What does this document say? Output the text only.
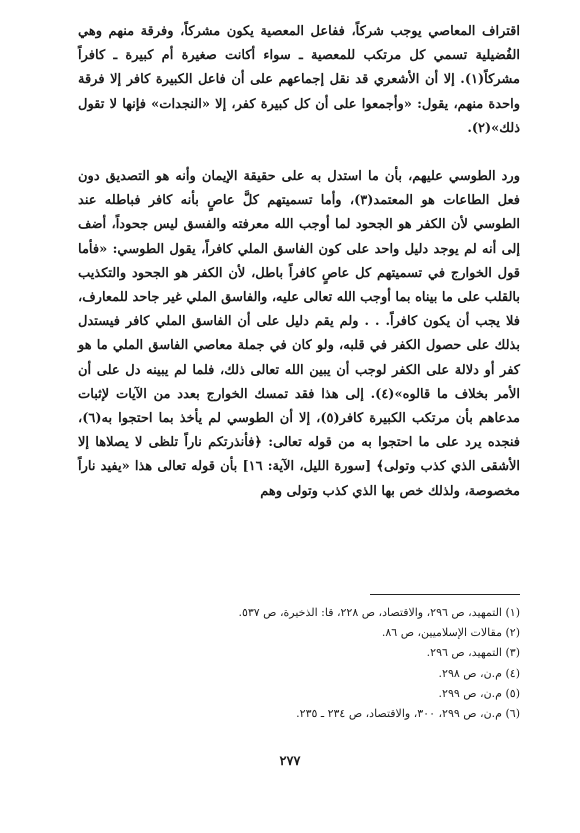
اقتراف المعاصي يوجب شركاً، ففاعل المعصية يكون مشركاً، وفرقة منهم وهي الفُضيلية تسمي كل مرتكب للمعصية ـ سواء أكانت صغيرة أم كبيرة ـ كافراً مشركاً(١). إلا أن الأشعري قد نقل إجماعهم على أن فاعل الكبيرة كافر إلا فرقة واحدة منهم، يقول: «وأجمعوا على أن كل كبيرة كفر، إلا «النجدات» فإنها لا تقول ذلك»(٢).

ورد الطوسي عليهم، بأن ما استدل به على حقيقة الإيمان وأنه هو التصديق دون فعل الطاعات هو المعتمد(٣)، وأما تسميتهم كلَّ عاصٍ بأنه كافر فباطله عند الطوسي لأن الكفر هو الجحود لما أوجب الله معرفته والفسق ليس جحوداً، أضف إلى أنه لم يوجد دليل واحد على كون الفاسق الملي كافراً، يقول الطوسي: «فأما قول الخوارج في تسميتهم كل عاصٍ كافراً باطل، لأن الكفر هو الجحود والتكذيب بالقلب على ما بيناه بما أوجب الله تعالى عليه، والفاسق الملي غير جاحد للمعارف، فلا يجب أن يكون كافراً. . . ولم يقم دليل على أن الفاسق الملي كافر فيستدل بذلك على حصول الكفر في قلبه، ولو كان في جملة معاصي الفاسق الملي ما هو كفر أو دلالة على الكفر لوجب أن يبين الله تعالى ذلك، فلما لم يبينه دل على أن الأمر بخلاف ما قالوه»(٤). إلى هذا فقد تمسك الخوارج بعدد من الآيات لإثبات مدعاهم بأن مرتكب الكبيرة كافر(٥)، إلا أن الطوسي لم يأخذ بما احتجوا به(٦)، فنجده يرد على ما احتجوا به من قوله تعالى: ﴿فأنذرتكم ناراً تلظى لا يصلاها إلا الأشقى الذي كذب وتولى﴾ [سورة الليل، الآية: ١٦] بأن قوله تعالى هذا «يفيد ناراً مخصوصة، ولذلك خص بها الذي كذب وتولى وهم

(١) التمهيد، ص ٢٩٦، والاقتصاد، ص ٢٢٨، قا: الذخيرة، ص ٥٣٧.
(٢) مقالات الإسلاميين، ص ٨٦.
(٣) التمهيد، ص ٢٩٦.
(٤) م.ن، ص ٢٩٨.
(٥) م.ن، ص ٢٩٩.
(٦) م.ن، ص ٢٩٩، ٣٠٠، والاقتصاد، ص ٢٣٤ ـ ٢٣٥.
٢٧٧
